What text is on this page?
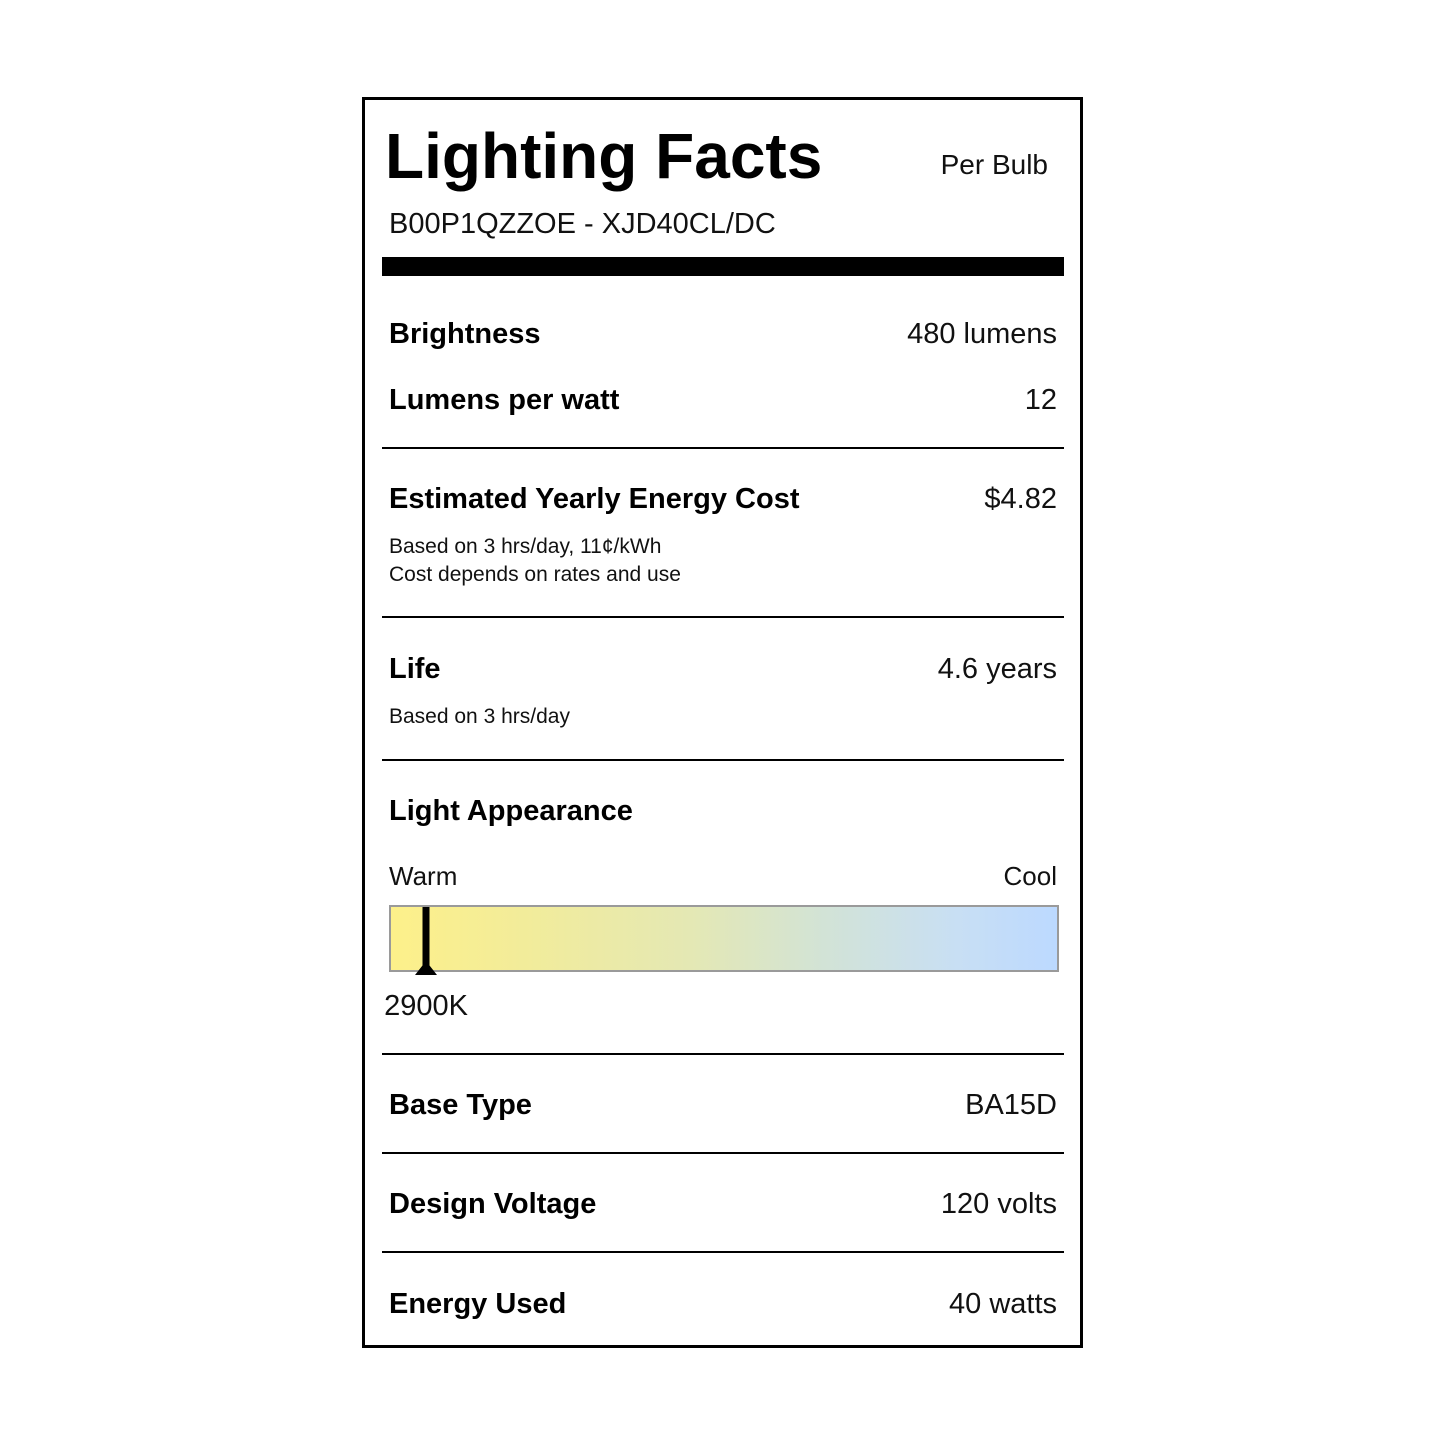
Lighting Facts	Per Bulb
B00P1QZZOE - XJD40CL/DC
Brightness	480 lumens
Lumens per watt	12
Estimated Yearly Energy Cost	$4.82
Based on 3 hrs/day, 11¢/kWh
Cost depends on rates and use
Life	4.6 years
Based on 3 hrs/day
Light Appearance
Warm	Cool
2900K
Base Type	BA15D
Design Voltage	120 volts
Energy Used	40 watts
